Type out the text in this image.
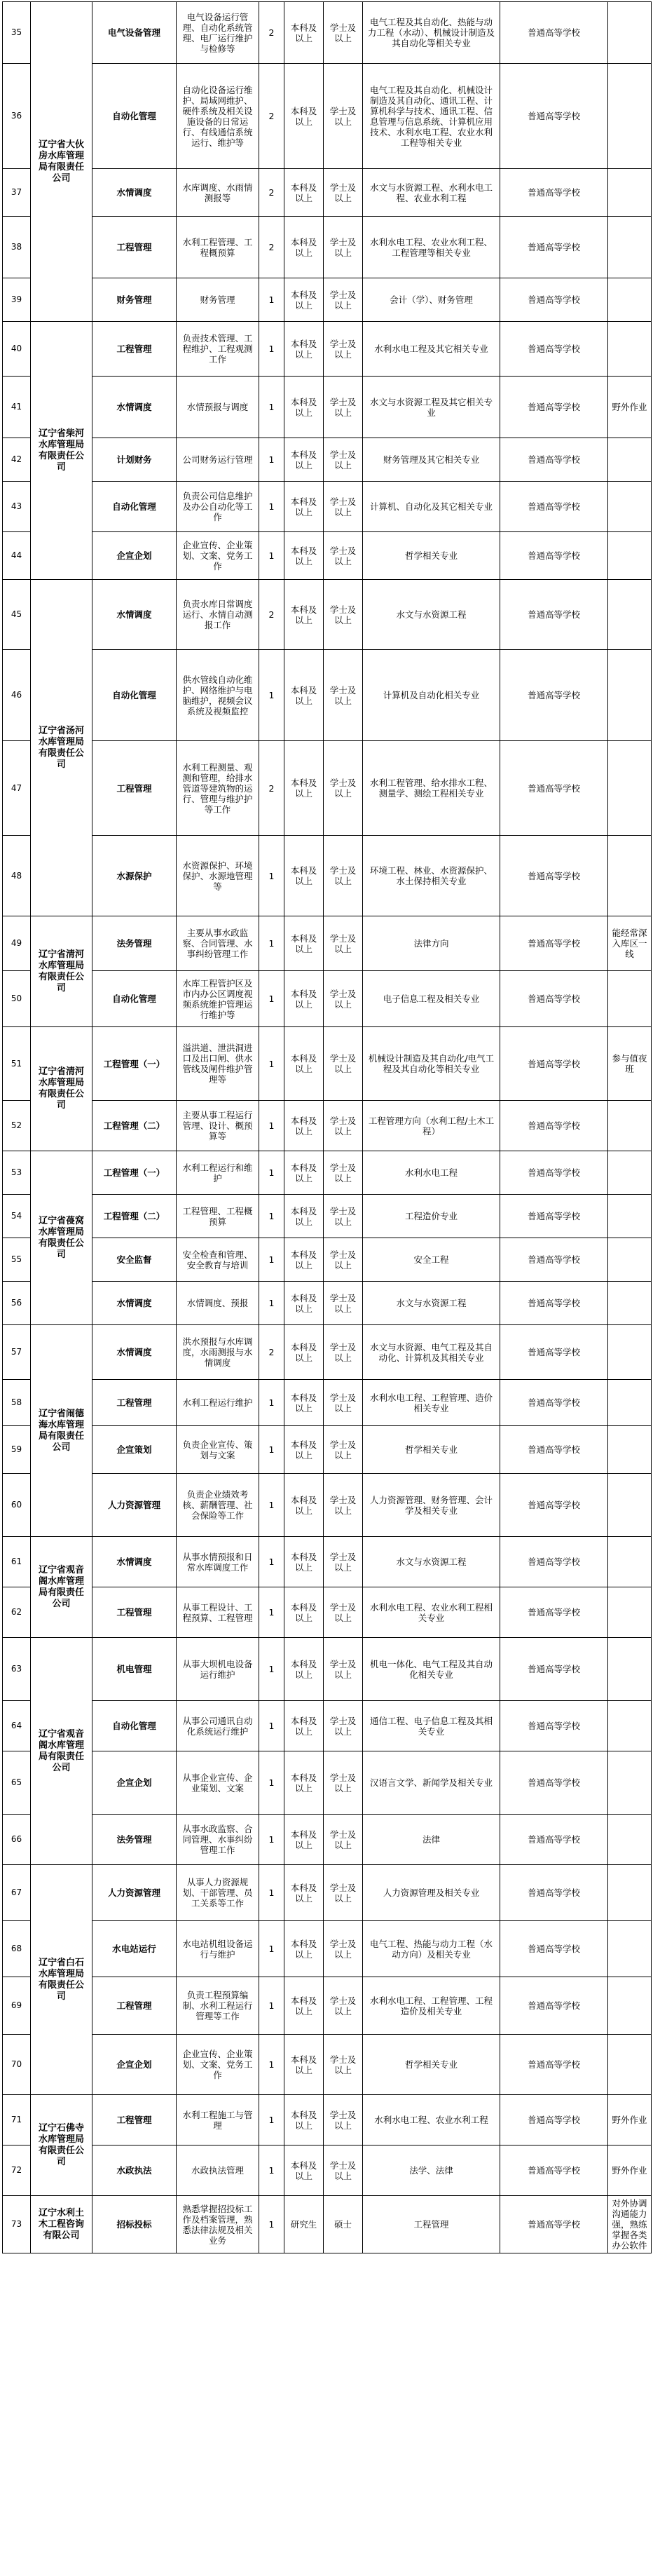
35	辽宁省大伙房水库管理局有限责任公司	电气设备管理	电气设备运行管理、自动化系统管理、电厂运行维护与检修等	2	本科及以上	学士及以上	电气工程及其自动化、热能与动力工程（水动）、机械设计制造及其自动化等相关专业	普通高等学校	
36		自动化管理	自动化设备运行维护、局域网维护、硬件系统及相关设施设备的日常运行、有线通信系统运行、维护等	2	本科及以上	学士及以上	电气工程及其自动化、机械设计制造及其自动化、通讯工程、计算机科学与技术、通讯工程、信息管理与信息系统、计算机应用技术、水利水电工程、农业水利工程等相关专业	普通高等学校	
37		水情调度	水库调度、水雨情测报等	2	本科及以上	学士及以上	水文与水资源工程、水利水电工程、农业水利工程	普通高等学校	
38		工程管理	水利工程管理、工程概预算	2	本科及以上	学士及以上	水利水电工程、农业水利工程、工程管理等相关专业	普通高等学校	
39		财务管理	财务管理	1	本科及以上	学士及以上	会计（学）、财务管理	普通高等学校	
40	辽宁省柴河水库管理局有限责任公司	工程管理	负责技术管理、工程维护、工程观测工作	1	本科及以上	学士及以上	水利水电工程及其它相关专业	普通高等学校	
41		水情调度	水情预报与调度	1	本科及以上	学士及以上	水文与水资源工程及其它相关专业	普通高等学校	野外作业
42		计划财务	公司财务运行管理	1	本科及以上	学士及以上	财务管理及其它相关专业	普通高等学校	
43		自动化管理	负责公司信息维护及办公自动化等工作	1	本科及以上	学士及以上	计算机、自动化及其它相关专业	普通高等学校	
44		企宣企划	企业宣传、企业策划、文案、党务工作	1	本科及以上	学士及以上	哲学相关专业	普通高等学校	
45	辽宁省汤河水库管理局有限责任公司	水情调度	负责水库日常调度运行、水情自动测报工作	2	本科及以上	学士及以上	水文与水资源工程	普通高等学校	
46		自动化管理	供水管线自动化维护、网络维护与电脑维护，视频会议系统及视频监控	1	本科及以上	学士及以上	计算机及自动化相关专业	普通高等学校	
47		工程管理	水利工程测量、观测和管理，给排水管道等建筑物的运行、管理与维护护等工作	2	本科及以上	学士及以上	水利工程管理、给水排水工程、测量学、测绘工程相关专业	普通高等学校	
48		水源保护	水资源保护、环境保护、水源地管理等	1	本科及以上	学士及以上	环境工程、林业、水资源保护、水土保持相关专业	普通高等学校	
49	辽宁省清河水库管理局有限责任公司	法务管理	主要从事水政监察、合同管理、水事纠纷管理工作	1	本科及以上	学士及以上	法律方向	普通高等学校	能经常深入库区一线
50		自动化管理	水库工程管护区及市内办公区调度视频系统维护管理运行维护等	1	本科及以上	学士及以上	电子信息工程及相关专业	普通高等学校	
51	辽宁省清河水库管理局有限责任公司	工程管理（一）	溢洪道、泄洪洞进口及出口闸、供水管线及闸件维护管理等	1	本科及以上	学士及以上	机械设计制造及其自动化/电气工程及其自动化等相关专业	普通高等学校	参与值夜班
52		工程管理（二）	主要从事工程运行管理、设计、概预算等	1	本科及以上	学士及以上	工程管理方向（水利工程/土木工程）	普通高等学校	
53	辽宁省葠窝水库管理局有限责任公司	工程管理（一）	水利工程运行和维护	1	本科及以上	学士及以上	水利水电工程	普通高等学校	
54		工程管理（二）	工程管理、工程概预算	1	本科及以上	学士及以上	工程造价专业	普通高等学校	
55		安全监督	安全检查和管理、安全教育与培训	1	本科及以上	学士及以上	安全工程	普通高等学校	
56		水情调度	水情调度、预报	1	本科及以上	学士及以上	水文与水资源工程	普通高等学校	
57	辽宁省闹德海水库管理局有限责任公司	水情调度	洪水预报与水库调度，水雨测报与水情调度	2	本科及以上	学士及以上	水文与水资源、电气工程及其自动化、计算机及其相关专业	普通高等学校	
58		工程管理	水利工程运行维护	1	本科及以上	学士及以上	水利水电工程、工程管理、造价相关专业	普通高等学校	
59		企宣策划	负责企业宣传、策划与文案	1	本科及以上	学士及以上	哲学相关专业	普通高等学校	
60		人力资源管理	负责企业绩效考核、薪酬管理、社会保险等工作	1	本科及以上	学士及以上	人力资源管理、财务管理、会计学及相关专业	普通高等学校	
61	辽宁省观音阁水库管理局有限责任公司	水情调度	从事水情预报和日常水库调度工作	1	本科及以上	学士及以上	水文与水资源工程	普通高等学校	
62		工程管理	从事工程设计、工程预算、工程管理	1	本科及以上	学士及以上	水利水电工程、农业水利工程相关专业	普通高等学校	
63	辽宁省观音阁水库管理局有限责任公司	机电管理	从事大坝机电设备运行维护	1	本科及以上	学士及以上	机电一体化、电气工程及其自动化相关专业	普通高等学校	
64		自动化管理	从事公司通讯自动化系统运行维护	1	本科及以上	学士及以上	通信工程、电子信息工程及其相关专业	普通高等学校	
65		企宣企划	从事企业宣传、企业策划、文案	1	本科及以上	学士及以上	汉语言文学、新闻学及相关专业	普通高等学校	
66		法务管理	从事水政监察、合同管理、水事纠纷管理工作	1	本科及以上	学士及以上	法律	普通高等学校	
67	辽宁省白石水库管理局有限责任公司	人力资源管理	从事人力资源规划、干部管理、员工关系等工作	1	本科及以上	学士及以上	人力资源管理及相关专业	普通高等学校	
68		水电站运行	水电站机组设备运行与维护	1	本科及以上	学士及以上	电气工程、热能与动力工程（水动方向）及相关专业	普通高等学校	
69		工程管理	负责工程预算编制、水利工程运行管理等工作	1	本科及以上	学士及以上	水利水电工程、工程管理、工程造价及相关专业	普通高等学校	
70		企宣企划	企业宣传、企业策划、文案、党务工作	1	本科及以上	学士及以上	哲学相关专业	普通高等学校	
71	辽宁石佛寺水库管理局有限责任公司	工程管理	水利工程施工与管理	1	本科及以上	学士及以上	水利水电工程、农业水利工程	普通高等学校	野外作业
72		水政执法	水政执法管理	1	本科及以上	学士及以上	法学、法律	普通高等学校	野外作业
73	辽宁水利土木工程咨询有限公司	招标投标	熟悉掌握招投标工作及档案管理，熟悉法律法规及相关业务	1	研究生	硕士	工程管理	普通高等学校	对外协调沟通能力强，熟练掌握各类办公软件
